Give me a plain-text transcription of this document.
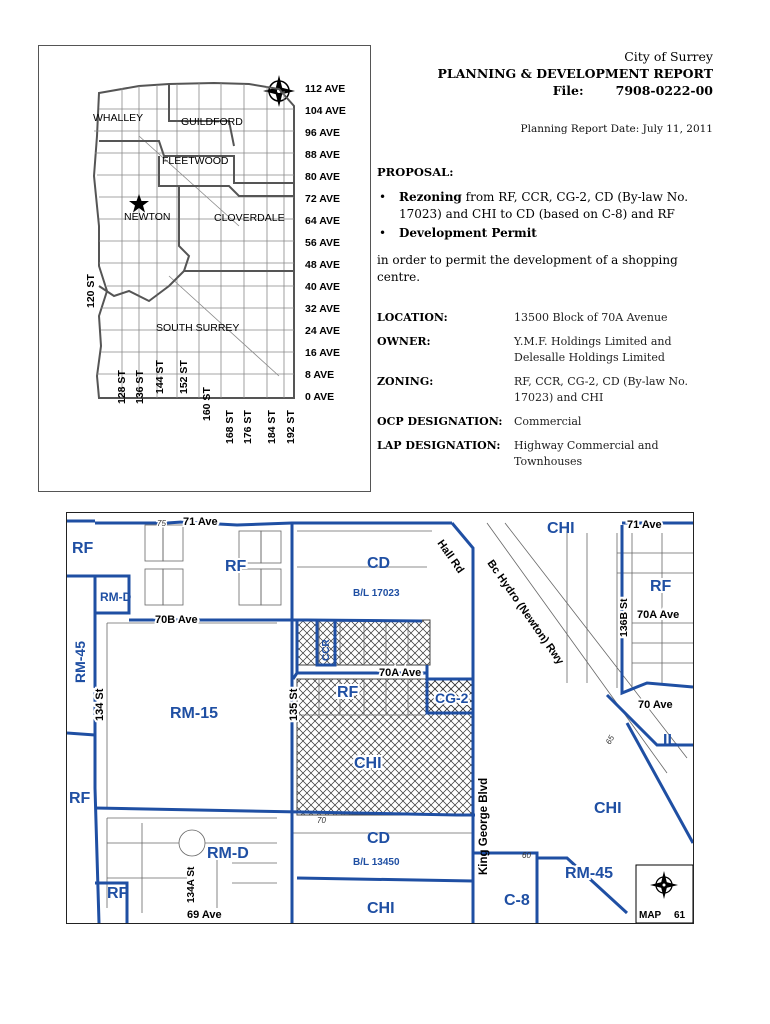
WHALLEY	GUILDFORD
FLEETWOOD
NEWTON	CLOVERDALE
SOUTH SURREY
112 AVE
104 AVE
96 AVE
88 AVE
80 AVE
72 AVE
64 AVE
56 AVE
48 AVE
40 AVE
32 AVE
24 AVE
16 AVE
8 AVE
0 AVE
120 ST
128 ST 136 ST 144 ST 152 ST
160 ST
168 ST 176 ST 184 ST 192 ST
City of Surrey
PLANNING & DEVELOPMENT REPORT
File:	7908-0222-00
Planning Report Date: July 11, 2011
PROPOSAL:
• Rezoning from RF, CCR, CG-2, CD (By-law No. 17023) and CHI to CD (based on C-8) and RF
• Development Permit
in order to permit the development of a shopping centre.
LOCATION:	13500 Block of 70A Avenue
OWNER:	Y.M.F. Holdings Limited and
Delesalle Holdings Limited
ZONING:	RF, CCR, CG-2, CD (By-law No.
17023) and CHI
OCP DESIGNATION:	Commercial
LAP DESIGNATION:	Highway Commercial and
Townhouses
71 Ave	71 Ave
70B Ave
70A Ave
70A Ave
70 Ave
69 Ave
134 St	135 St
134A St
136B St
Hall Rd
Bc Hydro (Newton) Rwy
King George Blvd
75
70
60
65
RF
RF
RM-D
RM-45
RM-15
CCR
RF	CG-2
CHI
RF
RM-D
RF
CD
B/L 17023
CD
B/L 13450
CHI
CHI
RF
IL
CHI
RM-45
C-8
MAP 61
